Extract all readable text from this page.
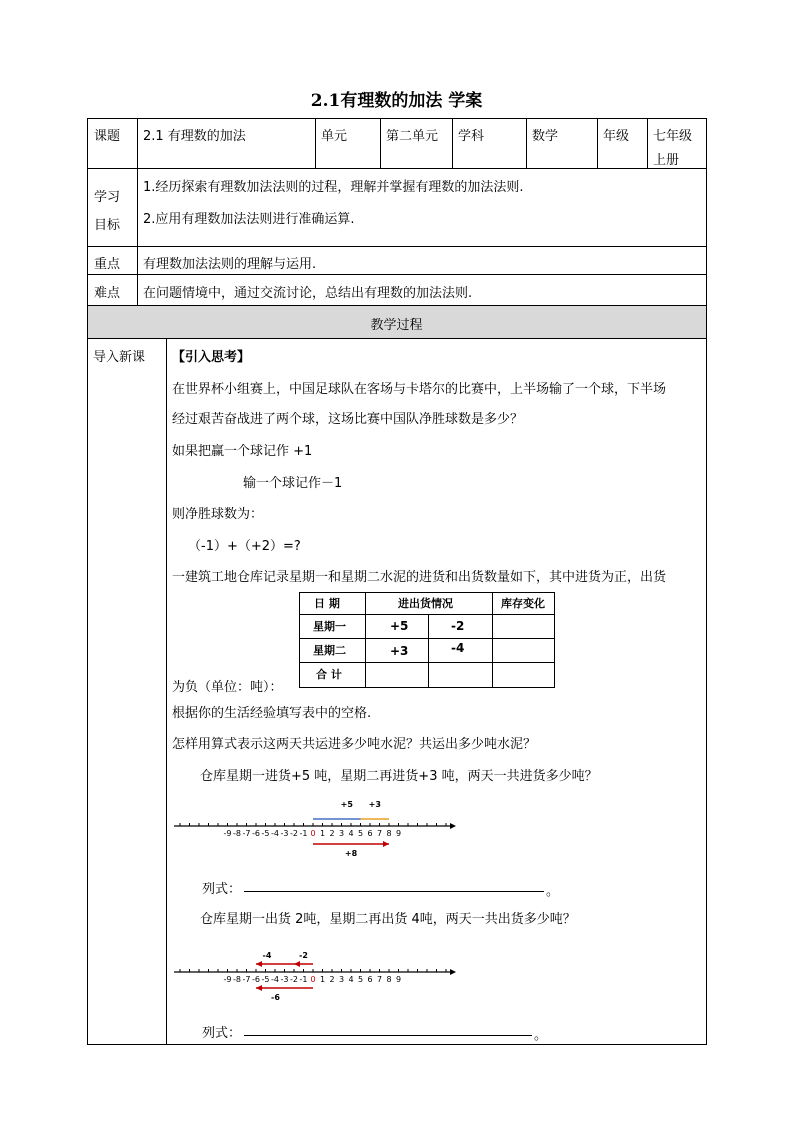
2.1有理数的加法 学案
课题 2.1 有理数的加法	单元	第二单元 学科	数学	年级 七年级
上册
学习
目标
1.经历探索有理数加法法则的过程，理解并掌握有理数的加法法则.
2.应用有理数加法法则进行准确运算.
重点 有理数加法法则的理解与运用.
难点 在问题情境中，通过交流讨论，总结出有理数的加法法则.
教学过程
导入新课 【引入思考】
在世界杯小组赛上，中国足球队在客场与卡塔尔的比赛中，上半场输了一个球，下半场
经过艰苦奋战进了两个球，这场比赛中国队净胜球数是多少？
如果把赢一个球记作 +1
输一个球记作－1
则净胜球数为：
（-1）+（+2）=?
一建筑工地仓库记录星期一和星期二水泥的进货和出货数量如下，其中进货为正，出货
日 期	进出货情况	库存变化
星期一	+5	-2
星期二	+3	-4
合 计
为负（单位：吨）：
根据你的生活经验填写表中的空格.
怎样用算式表示这两天共运进多少吨水泥？共运出多少吨水泥？
仓库星期一进货+5 吨，星期二再进货+3 吨，两天一共进货多少吨？
-9 -8 -7 -6 -5 -4 -3 -2 -1 0 1 2 3 4 5 6 7 8 9
+5 +3
+8
列式：	。
仓库星期一出货 2吨，星期二再出货 4吨，两天一共出货多少吨？
-9 -8 -7 -6 -5 -4 -3 -2 -1 0 1 2 3 4 5 6 7 8 9
-2
-4
-6
列式：	。
